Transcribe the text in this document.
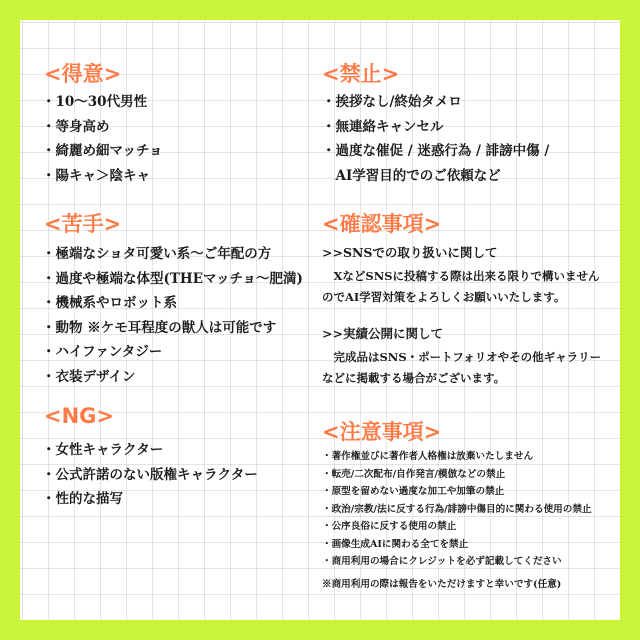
<得意>
・10～30代男性
・等身高め
・綺麗め細マッチョ
・陽キャ＞陰キャ
<禁止>
・挨拶なし/終始タメロ
・無連絡キャンセル
・過度な催促 / 迷惑行為 / 誹謗中傷 /
　AI学習目的でのご依頼など
<苦手>
・極端なショタ可愛い系～ご年配の方
・過度や極端な体型(THEマッチョ～肥満)
・機械系やロボット系
・動物 ※ケモ耳程度の獣人は可能です
・ハイファンタジー
・衣装デザイン
<確認事項>

>>SNSでの取り扱いに関して

　XなどSNSに投稿する際は出来る限りで構いません

のでAI学習対策をよろしくお願いいたします。

>>実績公開に関して

　完成品はSNS・ポートフォリオやその他ギャラリー

などに掲載する場合がございます。

<NG>
・女性キャラクター
・公式許諾のない版権キャラクター
・性的な描写
<注意事項>
・著作権並びに著作者人格権は放棄いたしません
・転売/二次配布/自作発言/模倣などの禁止
・原型を留めない過度な加工や加筆の禁止
・政治/宗教/法に反する行為/誹謗中傷目的に関わる使用の禁止
・公序良俗に反する使用の禁止
・画像生成AIに関わる全てを禁止
・商用利用の場合にクレジットを必ず記載してください
※商用利用の際は報告をいただけますと幸いです(任意)
